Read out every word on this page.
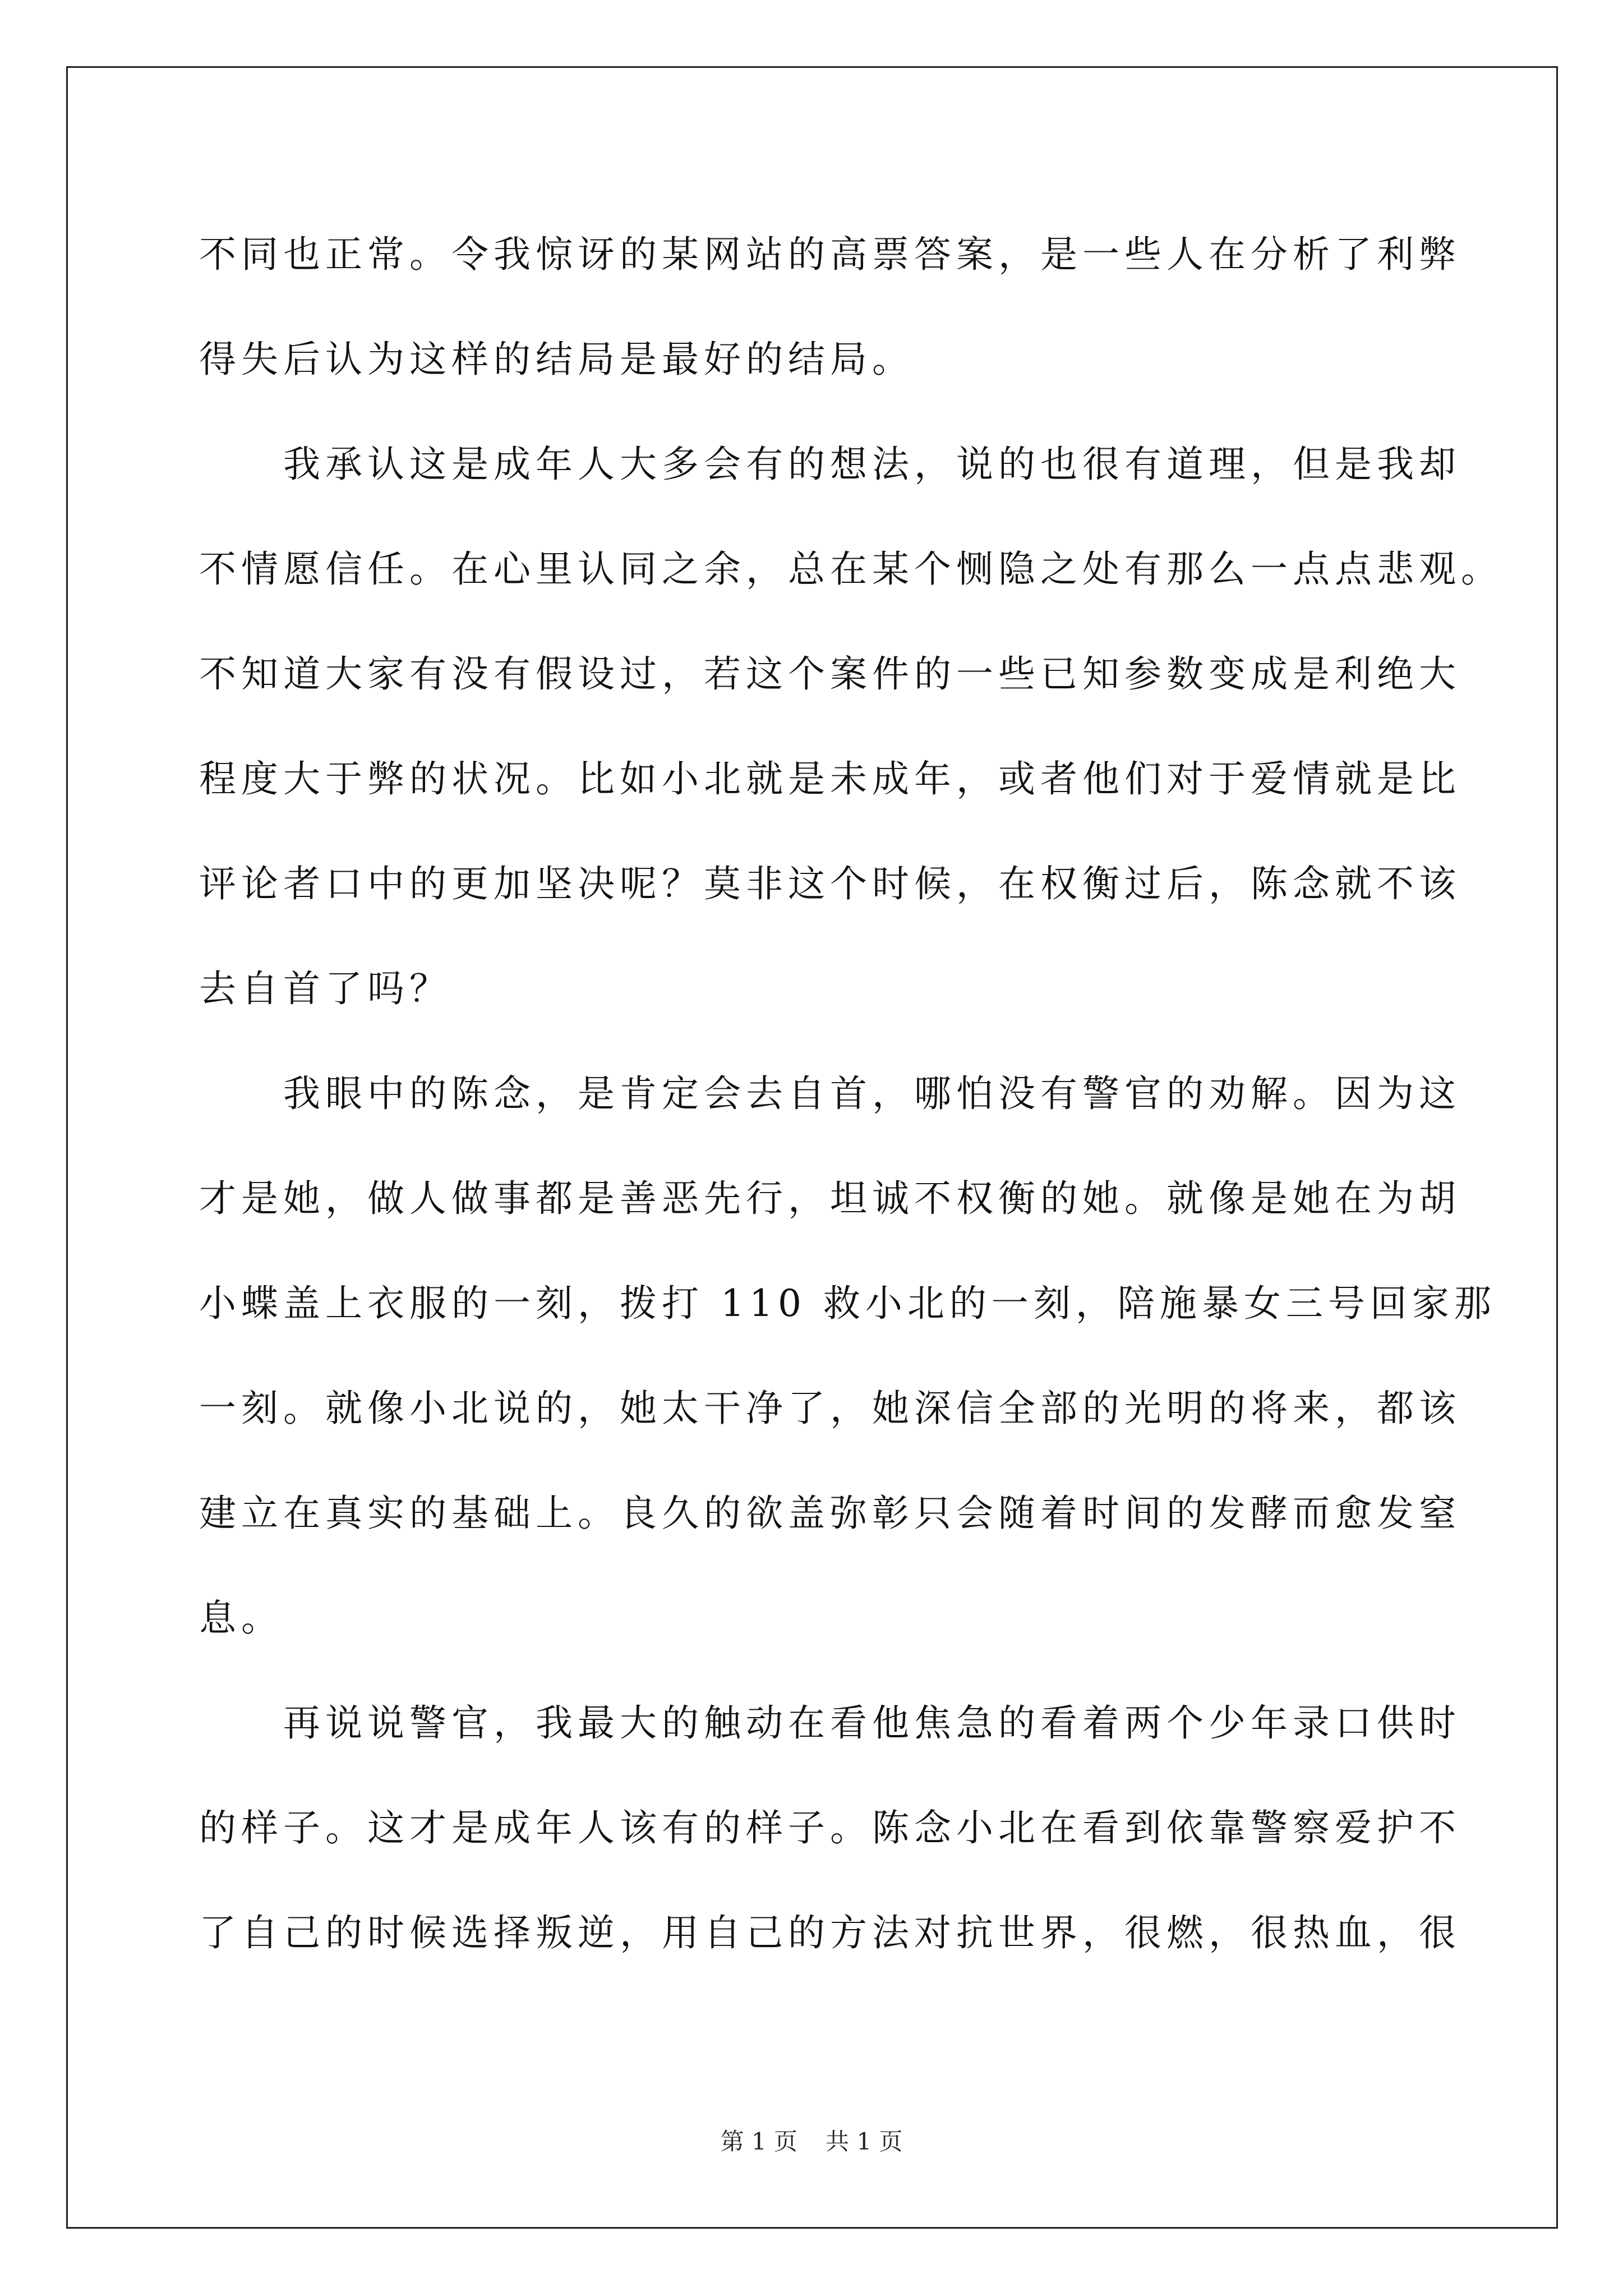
不同也正常。令我惊讶的某网站的高票答案，是一些人在分析了利弊
得失后认为这样的结局是最好的结局。
我承认这是成年人大多会有的想法，说的也很有道理，但是我却
不情愿信任。在心里认同之余，总在某个恻隐之处有那么一点点悲观。
不知道大家有没有假设过，若这个案件的一些已知参数变成是利绝大
程度大于弊的状况。比如小北就是未成年，或者他们对于爱情就是比
评论者口中的更加坚决呢？莫非这个时候，在权衡过后，陈念就不该
去自首了吗？
我眼中的陈念，是肯定会去自首，哪怕没有警官的劝解。因为这
才是她，做人做事都是善恶先行，坦诚不权衡的她。就像是她在为胡
小蝶盖上衣服的一刻，拨打 110 救小北的一刻，陪施暴女三号回家那
一刻。就像小北说的，她太干净了，她深信全部的光明的将来，都该
建立在真实的基础上。良久的欲盖弥彰只会随着时间的发酵而愈发窒
息。
再说说警官，我最大的触动在看他焦急的看着两个少年录口供时
的样子。这才是成年人该有的样子。陈念小北在看到依靠警察爱护不
了自己的时候选择叛逆，用自己的方法对抗世界，很燃，很热血，很
第 1 页 共 1 页
